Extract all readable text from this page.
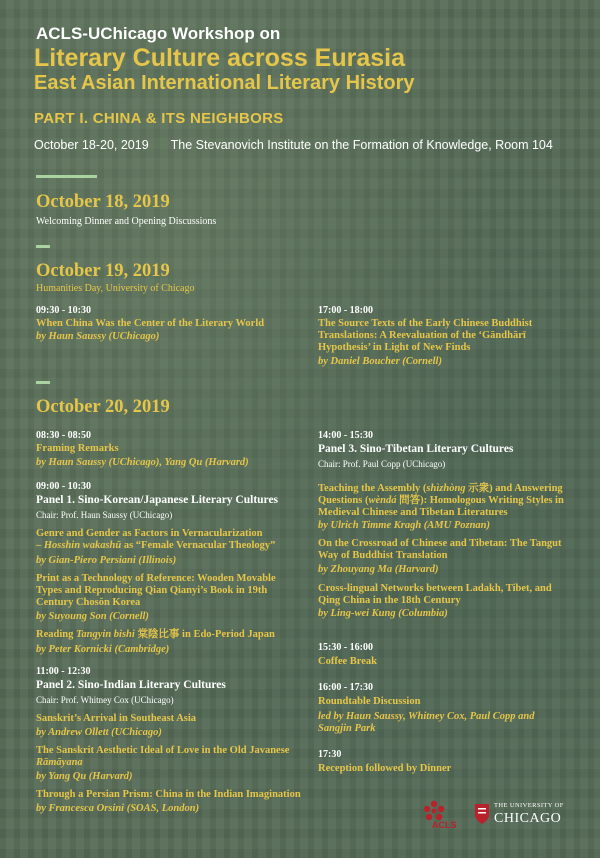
ACLS-UChicago Workshop on
Literary Culture across Eurasia
East Asian International Literary History
PART I. CHINA & ITS NEIGHBORS
October 18-20, 2019 The Stevanovich Institute on the Formation of Knowledge, Room 104
October 18, 2019
Welcoming Dinner and Opening Discussions
October 19, 2019
Humanities Day, University of Chicago
09:30 - 10:30
When China Was the Center of the Literary World
by Haun Saussy (UChicago)
17:00 - 18:00
The Source Texts of the Early Chinese Buddhist
Translations: A Reevaluation of the ‘Gāndhārī
Hypothesis’ in Light of New Finds
by Daniel Boucher (Cornell)
October 20, 2019
08:30 - 08:50
Framing Remarks
by Haun Saussy (UChicago), Yang Qu (Harvard)
09:00 - 10:30
Panel 1. Sino-Korean/Japanese Literary Cultures
Chair: Prof. Haun Saussy (UChicago)
Genre and Gender as Factors in Vernacularization
– Hosshin wakashū as “Female Vernacular Theology”
by Gian-Piero Persiani (Illinois)
Print as a Technology of Reference: Wooden Movable
Types and Reproducing Qian Qianyi’s Book in 19th
Century Chosŏn Korea
by Suyoung Son (Cornell)
Reading Tangyin bishi 棠陰比事 in Edo-Period Japan
by Peter Kornicki (Cambridge)
11:00 - 12:30
Panel 2. Sino-Indian Literary Cultures
Chair: Prof. Whitney Cox (UChicago)
Sanskrit’s Arrival in Southeast Asia
by Andrew Ollett (UChicago)
The Sanskrit Aesthetic Ideal of Love in the Old Javanese
Rāmāyana
by Yang Qu (Harvard)
Through a Persian Prism: China in the Indian Imagination
by Francesca Orsini (SOAS, London)
14:00 - 15:30
Panel 3. Sino-Tibetan Literary Cultures
Chair: Prof. Paul Copp (UChicago)
Teaching the Assembly (shìzhòng 示衆) and Answering
Questions (wèndá 問答): Homologous Writing Styles in
Medieval Chinese and Tibetan Literatures
by Ulrich Timme Kragh (AMU Poznan)
On the Crossroad of Chinese and Tibetan: The Tangut
Way of Buddhist Translation
by Zhouyang Ma (Harvard)
Cross-lingual Networks between Ladakh, Tibet, and
Qing China in the 18th Century
by Ling-wei Kung (Columbia)
15:30 - 16:00
Coffee Break
16:00 - 17:30
Roundtable Discussion
led by Haun Saussy, Whitney Cox, Paul Copp and
Sangjin Park
17:30
Reception followed by Dinner
ACLS
THE UNIVERSITY OF
CHICAGO
